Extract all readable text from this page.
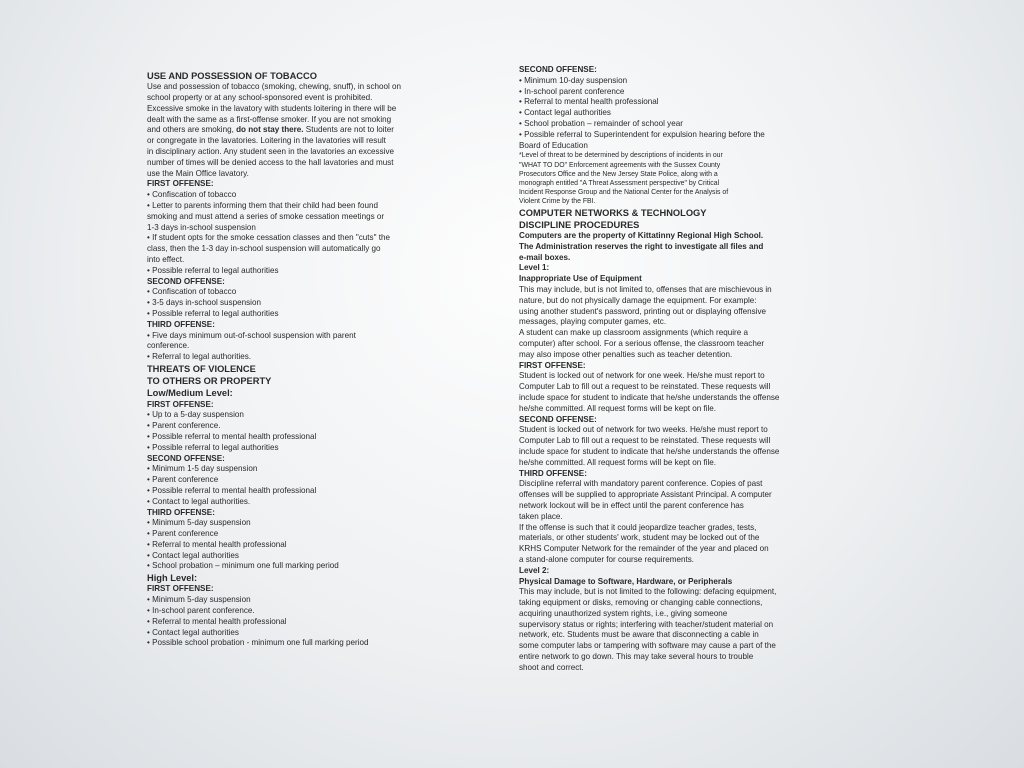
USE AND POSSESSION OF TOBACCO
Use and possession of tobacco (smoking, chewing, snuff), in school on
school property or at any school-sponsored event is prohibited.
Excessive smoke in the lavatory with students loitering in there will be
dealt with the same as a first-offense smoker. If you are not smoking
and others are smoking, do not stay there. Students are not to loiter
or congregate in the lavatories. Loitering in the lavatories will result
in disciplinary action. Any student seen in the lavatories an excessive
number of times will be denied access to the hall lavatories and must
use the Main Office lavatory.
FIRST OFFENSE:
• Confiscation of tobacco
• Letter to parents informing them that their child had been found
smoking and must attend a series of smoke cessation meetings or
1-3 days in-school suspension
• If student opts for the smoke cessation classes and then "cuts" the
class, then the 1-3 day in-school suspension will automatically go
into effect.
• Possible referral to legal authorities
SECOND OFFENSE:
• Confiscation of tobacco
• 3-5 days in-school suspension
• Possible referral to legal authorities
THIRD OFFENSE:
• Five days minimum out-of-school suspension with parent
conference.
• Referral to legal authorities.
THREATS OF VIOLENCE
TO OTHERS OR PROPERTY
Low/Medium Level:
FIRST OFFENSE:
• Up to a 5-day suspension
• Parent conference.
• Possible referral to mental health professional
• Possible referral to legal authorities
SECOND OFFENSE:
• Minimum 1-5 day suspension
• Parent conference
• Possible referral to mental health professional
• Contact to legal authorities.
THIRD OFFENSE:
• Minimum 5-day suspension
• Parent conference
• Referral to mental health professional
• Contact legal authorities
• School probation – minimum one full marking period
High Level:
FIRST OFFENSE:
• Minimum 5-day suspension
• In-school parent conference.
• Referral to mental health professional
• Contact legal authorities
• Possible school probation - minimum one full marking period
SECOND OFFENSE:
• Minimum 10-day suspension
• In-school parent conference
• Referral to mental health professional
• Contact legal authorities
• School probation – remainder of school year
• Possible referral to Superintendent for expulsion hearing before the
Board of Education
*Level of threat to be determined by descriptions of incidents in our
"WHAT TO DO" Enforcement agreements with the Sussex County
Prosecutors Office and the New Jersey State Police, along with a
monograph entitled "A Threat Assessment perspective" by Critical
Incident Response Group and the National Center for the Analysis of
Violent Crime by the FBI.
COMPUTER NETWORKS & TECHNOLOGY
DISCIPLINE PROCEDURES
Computers are the property of Kittatinny Regional High School.
The Administration reserves the right to investigate all files and
e-mail boxes.
Level 1:
Inappropriate Use of Equipment
This may include, but is not limited to, offenses that are mischievous in
nature, but do not physically damage the equipment. For example:
using another student's password, printing out or displaying offensive
messages, playing computer games, etc.
A student can make up classroom assignments (which require a
computer) after school. For a serious offense, the classroom teacher
may also impose other penalties such as teacher detention.
FIRST OFFENSE:
Student is locked out of network for one week. He/she must report to
Computer Lab to fill out a request to be reinstated. These requests will
include space for student to indicate that he/she understands the offense
he/she committed. All request forms will be kept on file.
SECOND OFFENSE:
Student is locked out of network for two weeks. He/she must report to
Computer Lab to fill out a request to be reinstated. These requests will
include space for student to indicate that he/she understands the offense
he/she committed. All request forms will be kept on file.
THIRD OFFENSE:
Discipline referral with mandatory parent conference. Copies of past
offenses will be supplied to appropriate Assistant Principal. A computer
network lockout will be in effect until the parent conference has
taken place.
If the offense is such that it could jeopardize teacher grades, tests,
materials, or other students' work, student may be locked out of the
KRHS Computer Network for the remainder of the year and placed on
a stand-alone computer for course requirements.
Level 2:
Physical Damage to Software, Hardware, or Peripherals
This may include, but is not limited to the following: defacing equipment,
taking equipment or disks, removing or changing cable connections,
acquiring unauthorized system rights, i.e., giving someone
supervisory status or rights; interfering with teacher/student material on
network, etc. Students must be aware that disconnecting a cable in
some computer labs or tampering with software may cause a part of the
entire network to go down. This may take several hours to trouble
shoot and correct.
